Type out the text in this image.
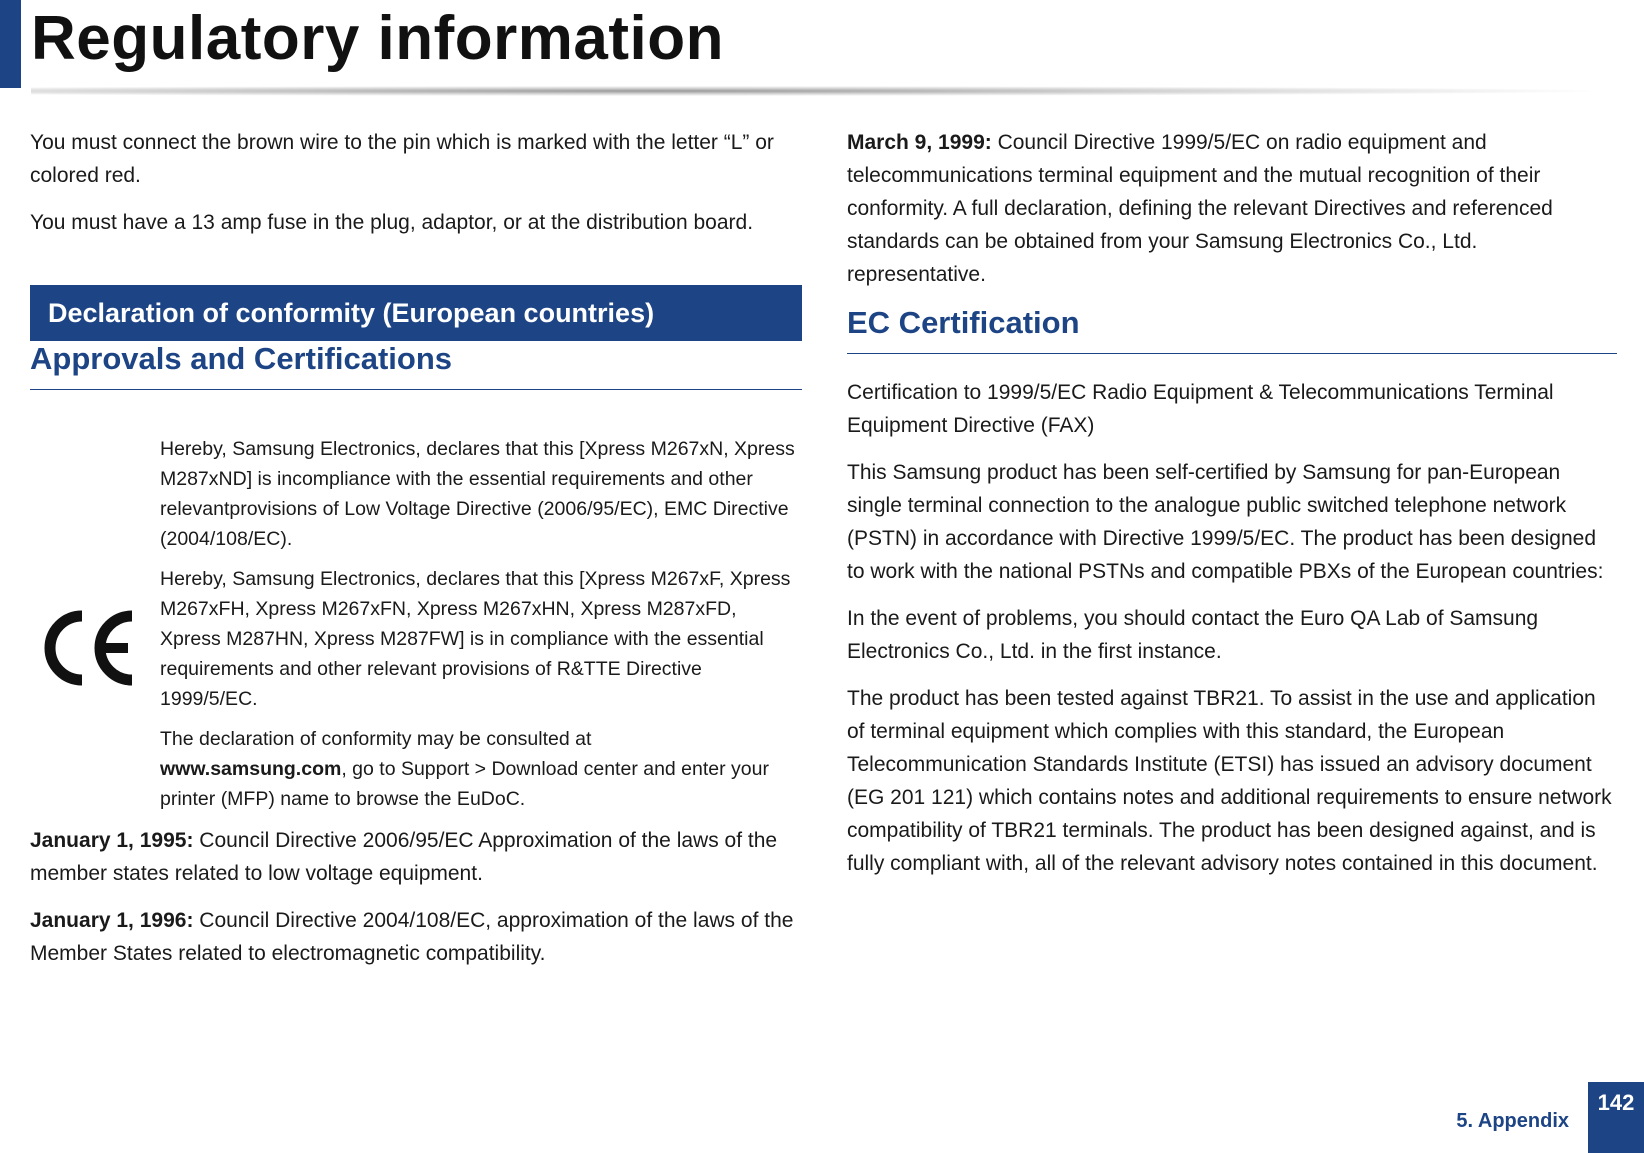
Regulatory information

You must connect the brown wire to the pin which is marked with the letter “L” or colored red.

You must have a 13 amp fuse in the plug, adaptor, or at the distribution board.

Declaration of conformity (European countries)
Approvals and Certifications

Hereby, Samsung Electronics, declares that this [Xpress M267xN, Xpress M287xND] is incompliance with the essential requirements and other relevantprovisions of Low Voltage Directive (2006/95/EC), EMC Directive (2004/108/EC).

Hereby, Samsung Electronics, declares that this [Xpress M267xF, Xpress M267xFH, Xpress M267xFN, Xpress M267xHN, Xpress M287xFD, Xpress M287HN, Xpress M287FW] is in compliance with the essential requirements and other relevant provisions of R&TTE Directive 1999/5/EC.

The declaration of conformity may be consulted at
www.samsung.com, go to Support > Download center and enter your printer (MFP) name to browse the EuDoC.

January 1, 1995: Council Directive 2006/95/EC Approximation of the laws of the member states related to low voltage equipment.

January 1, 1996: Council Directive 2004/108/EC, approximation of the laws of the Member States related to electromagnetic compatibility.

March 9, 1999: Council Directive 1999/5/EC on radio equipment and telecommunications terminal equipment and the mutual recognition of their conformity. A full declaration, defining the relevant Directives and referenced standards can be obtained from your Samsung Electronics Co., Ltd. representative.

EC Certification

Certification to 1999/5/EC Radio Equipment & Telecommunications Terminal Equipment Directive (FAX)

This Samsung product has been self-certified by Samsung for pan-European single terminal connection to the analogue public switched telephone network (PSTN) in accordance with Directive 1999/5/EC. The product has been designed to work with the national PSTNs and compatible PBXs of the European countries:

In the event of problems, you should contact the Euro QA Lab of Samsung Electronics Co., Ltd. in the first instance.

The product has been tested against TBR21. To assist in the use and application of terminal equipment which complies with this standard, the European Telecommunication Standards Institute (ETSI) has issued an advisory document (EG 201 121) which contains notes and additional requirements to ensure network compatibility of TBR21 terminals. The product has been designed against, and is fully compliant with, all of the relevant advisory notes contained in this document.

5. Appendix
142
